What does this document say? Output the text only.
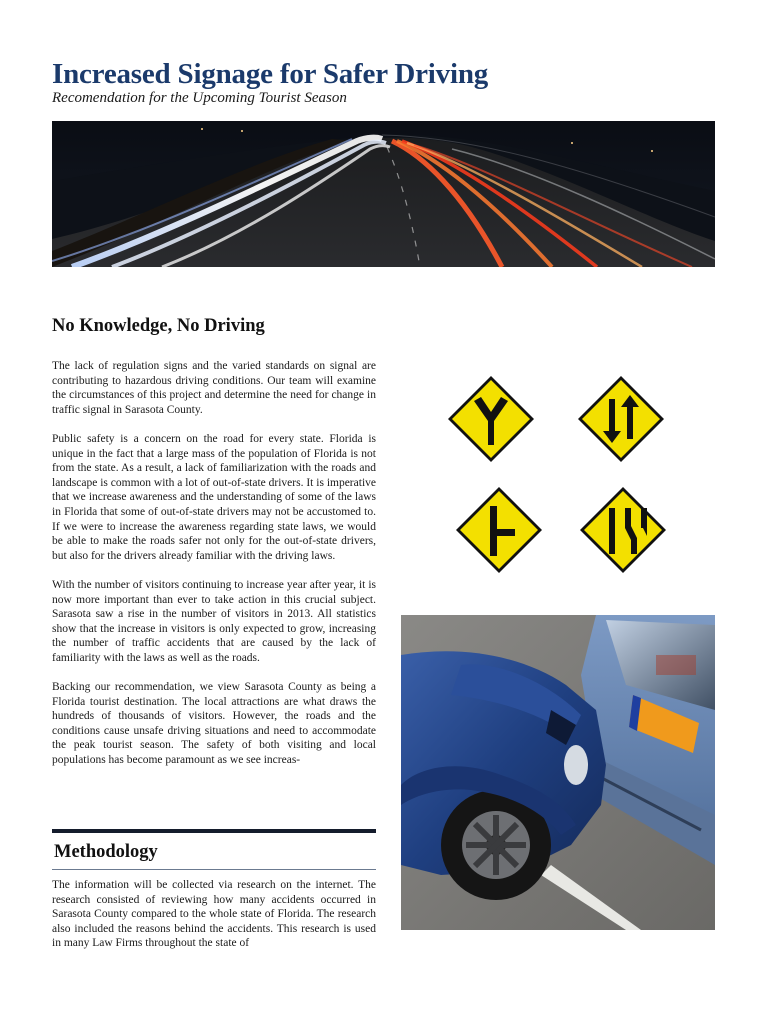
Increased Signage for Safer Driving
Recomendation for the Upcoming Tourist Season
No Knowledge, No Driving

The lack of regulation signs and the varied standards on signal are contributing to hazardous driving conditions. Our team will examine the circumstances of this project and determine the need for change in traffic signal in Sarasota County.

Public safety is a concern on the road for every state. Florida is unique in the fact that a large mass of the population of Florida is not from the state. As a result, a lack of familiarization with the roads and landscape is common with a lot of out-of-state drivers. It is imperative that we increase awareness and the understanding of some of the laws in Florida that some of out-of-state drivers may not be accustomed to. If we were to increase the awareness regarding state laws, we would be able to make the roads safer not only for the out-of-state drivers, but also for the drivers already familiar with the driving laws.

With the number of visitors continuing to increase year after year, it is now more important than ever to take action in this crucial subject. Sarasota saw a rise in the number of visitors in 2013. All statistics show that the increase in visitors is only expected to grow, increasing the number of traffic accidents that are caused by the lack of familiarity with the laws as well as the roads.

Backing our recommendation, we view Sarasota County as being a Florida tourist destination. The local attractions are what draws the hundreds of thousands of visitors. However, the roads and the conditions cause unsafe driving situations and need to accommodate the peak tourist season. The safety of both visiting and local populations has become paramount as we see increas-

Methodology

The information will be collected via research on the internet. The research consisted of reviewing how many accidents occurred in Sarasota County compared to the whole state of Florida. The research also included the reasons behind the accidents. This research is used in many Law Firms throughout the state of
